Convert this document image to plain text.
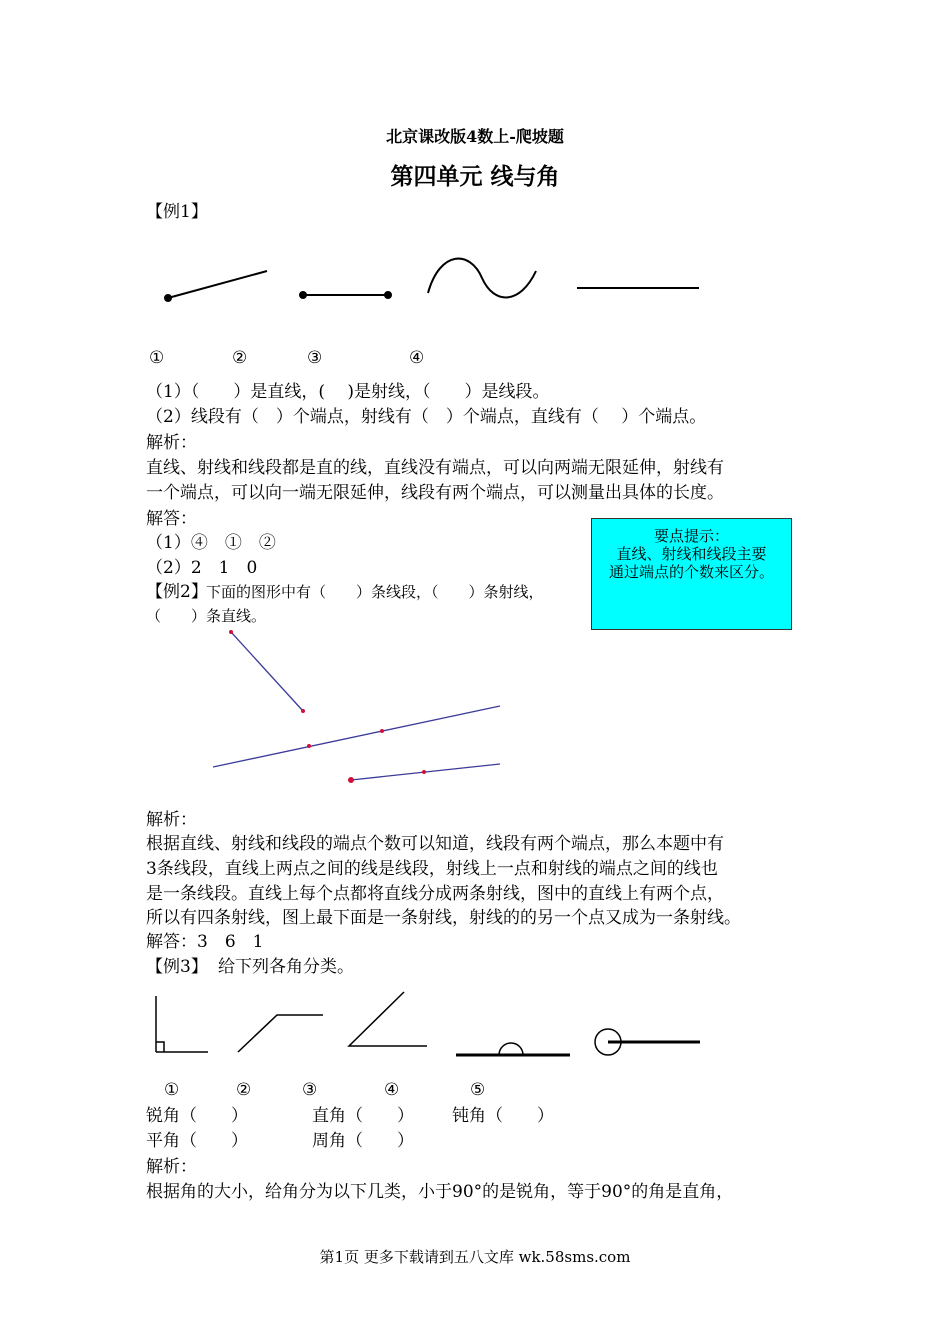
北京课改版4数上-爬坡题
第四单元 线与角
【例1】
①	②	③	④
（1）（　　）是直线，(　 )是射线，（　　）是线段。
（2）线段有（　）个端点，射线有（　）个端点，直线有（　 ）个端点。
解析：
直线、射线和线段都是直的线，直线没有端点，可以向两端无限延伸，射线有
一个端点，可以向一端无限延伸，线段有两个端点，可以测量出具体的长度。
解答：
（1）④　①　②
（2）2　1　0
要点提示：
直线、射线和线段主要
通过端点的个数来区分。
【例2】
下面的图形中有（　　）条线段，（　　）条射线，
（　　）条直线。
解析：
根据直线、射线和线段的端点个数可以知道，线段有两个端点，那么本题中有
3条线段，直线上两点之间的线是线段，射线上一点和射线的端点之间的线也
是一条线段。直线上每个点都将直线分成两条射线，图中的直线上有两个点，
所以有四条射线，图上最下面是一条射线，射线的的另一个点又成为一条射线。
解答：3　6　1
【例3】 给下列各角分类。
①	②	③	④	⑤
锐角（　　）	直角（　　） 钝角（　　）
平角（　　）	周角（　　）
解析：
根据角的大小，给角分为以下几类，小于90°的是锐角，等于90°的角是直角，
第1页 更多下载请到五八文库 wk.58sms.com
